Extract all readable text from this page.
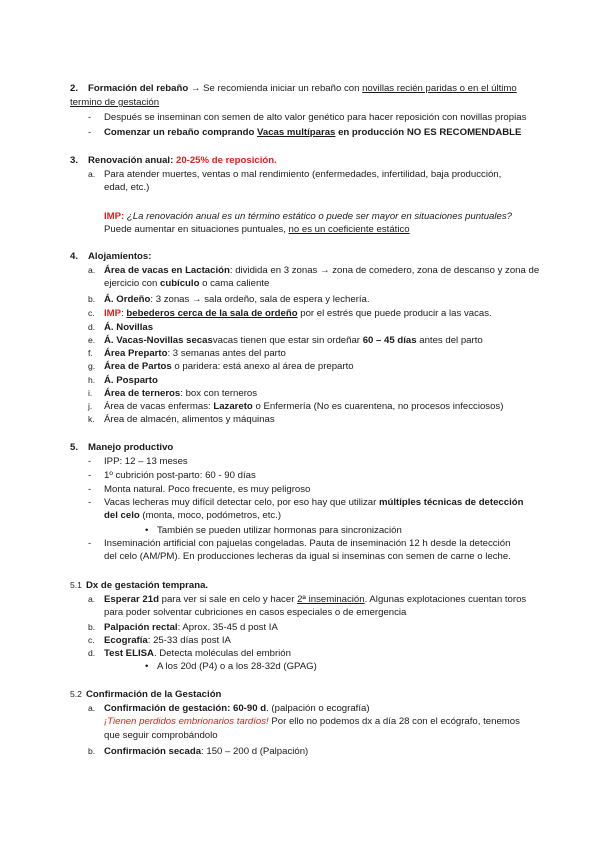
2. Formación del rebaño → Se recomienda iniciar un rebaño con novillas recién paridas o en el último
termino de gestación
-	Después se inseminan con semen de alto valor genético para hacer reposición con novillas propias
-	Comenzar un rebaño comprando Vacas multíparas en producción NO ES RECOMENDABLE
3. Renovación anual: 20-25% de reposición.
a. Para atender muertes, ventas o mal rendimiento (enfermedades, infertilidad, baja producción,
edad, etc.)
IMP: ¿La renovación anual es un término estático o puede ser mayor en situaciones puntuales?
Puede aumentar en situaciones puntuales, no es un coeficiente estático
4. Alojamientos:
a. Área de vacas en Lactación: dividida en 3 zonas → zona de comedero, zona de descanso y zona de
ejercicio con cubículo o cama caliente
b. Á. Ordeño: 3 zonas → sala ordeño, sala de espera y lechería.
c. IMP: bebederos cerca de la sala de ordeño por el estrés que puede producir a las vacas.
d. Á. Novillas
e. Á. Vacas-Novillas secasvacas tienen que estar sin ordeñar 60 – 45 días antes del parto
f.	Área Preparto: 3 semanas antes del parto
g. Área de Partos o paridera: está anexo al área de preparto
h. Á. Posparto
i.	Área de terneros: box con terneros
j.	Área de vacas enfermas: Lazareto o Enfermería (No es cuarentena, no procesos infecciosos)
k. Área de almacén, alimentos y máquinas
5. Manejo productivo
-	IPP: 12 – 13 meses
-	1º cubrición post-parto: 60 - 90 días
-	Monta natural. Poco frecuente, es muy peligroso
-	Vacas lecheras muy difícil detectar celo, por eso hay que utilizar múltiples técnicas de detección
del celo (monta, moco, podómetros, etc.)
• También se pueden utilizar hormonas para sincronización
-	Inseminación artificial con pajuelas congeladas. Pauta de inseminación 12 h desde la detección
del celo (AM/PM). En producciones lecheras da igual si inseminas con semen de carne o leche.
5.1 Dx de gestación temprana.
a. Esperar 21d para ver si sale en celo y hacer 2ª inseminación. Algunas explotaciones cuentan toros
para poder solventar cubriciones en casos especiales o de emergencia
b. Palpación rectal: Aprox. 35-45 d post IA
c. Ecografía: 25-33 días post IA
d. Test ELISA. Detecta moléculas del embrión
• A los 20d (P4) o a los 28-32d (GPAG)
5.2 Confirmación de la Gestación
a. Confirmación de gestación: 60-90 d. (palpación o ecografía)
¡Tienen perdidos embrionarios tardíos! Por ello no podemos dx a día 28 con el ecógrafo, tenemos
que seguir comprobándolo
b. Confirmación secada: 150 – 200 d (Palpación)
